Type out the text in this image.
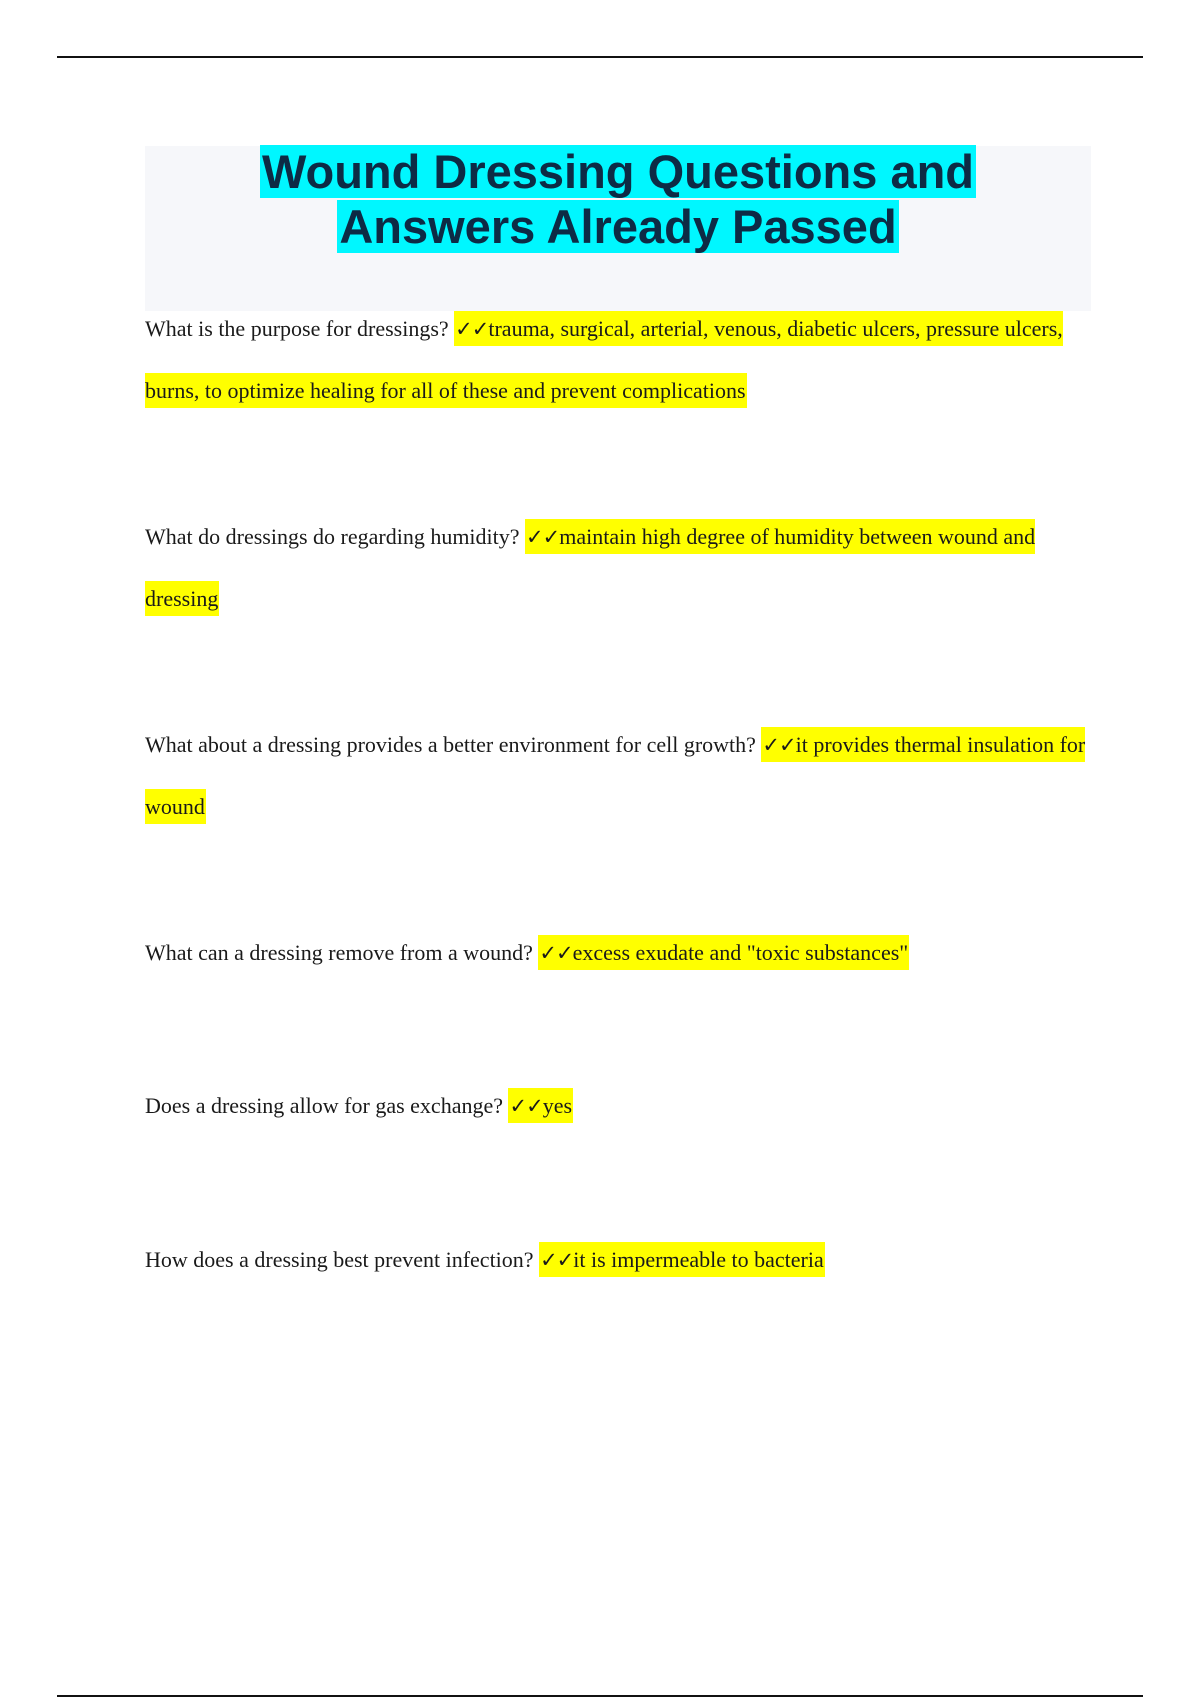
Wound Dressing Questions and
Answers Already Passed
What is the purpose for dressings? ✓✓trauma, surgical, arterial, venous, diabetic ulcers, pressure ulcers, burns, to optimize healing for all of these and prevent complications
What do dressings do regarding humidity? ✓✓maintain high degree of humidity between wound and dressing
What about a dressing provides a better environment for cell growth? ✓✓it provides thermal insulation for wound
What can a dressing remove from a wound? ✓✓excess exudate and "toxic substances"
Does a dressing allow for gas exchange? ✓✓yes
How does a dressing best prevent infection? ✓✓it is impermeable to bacteria
